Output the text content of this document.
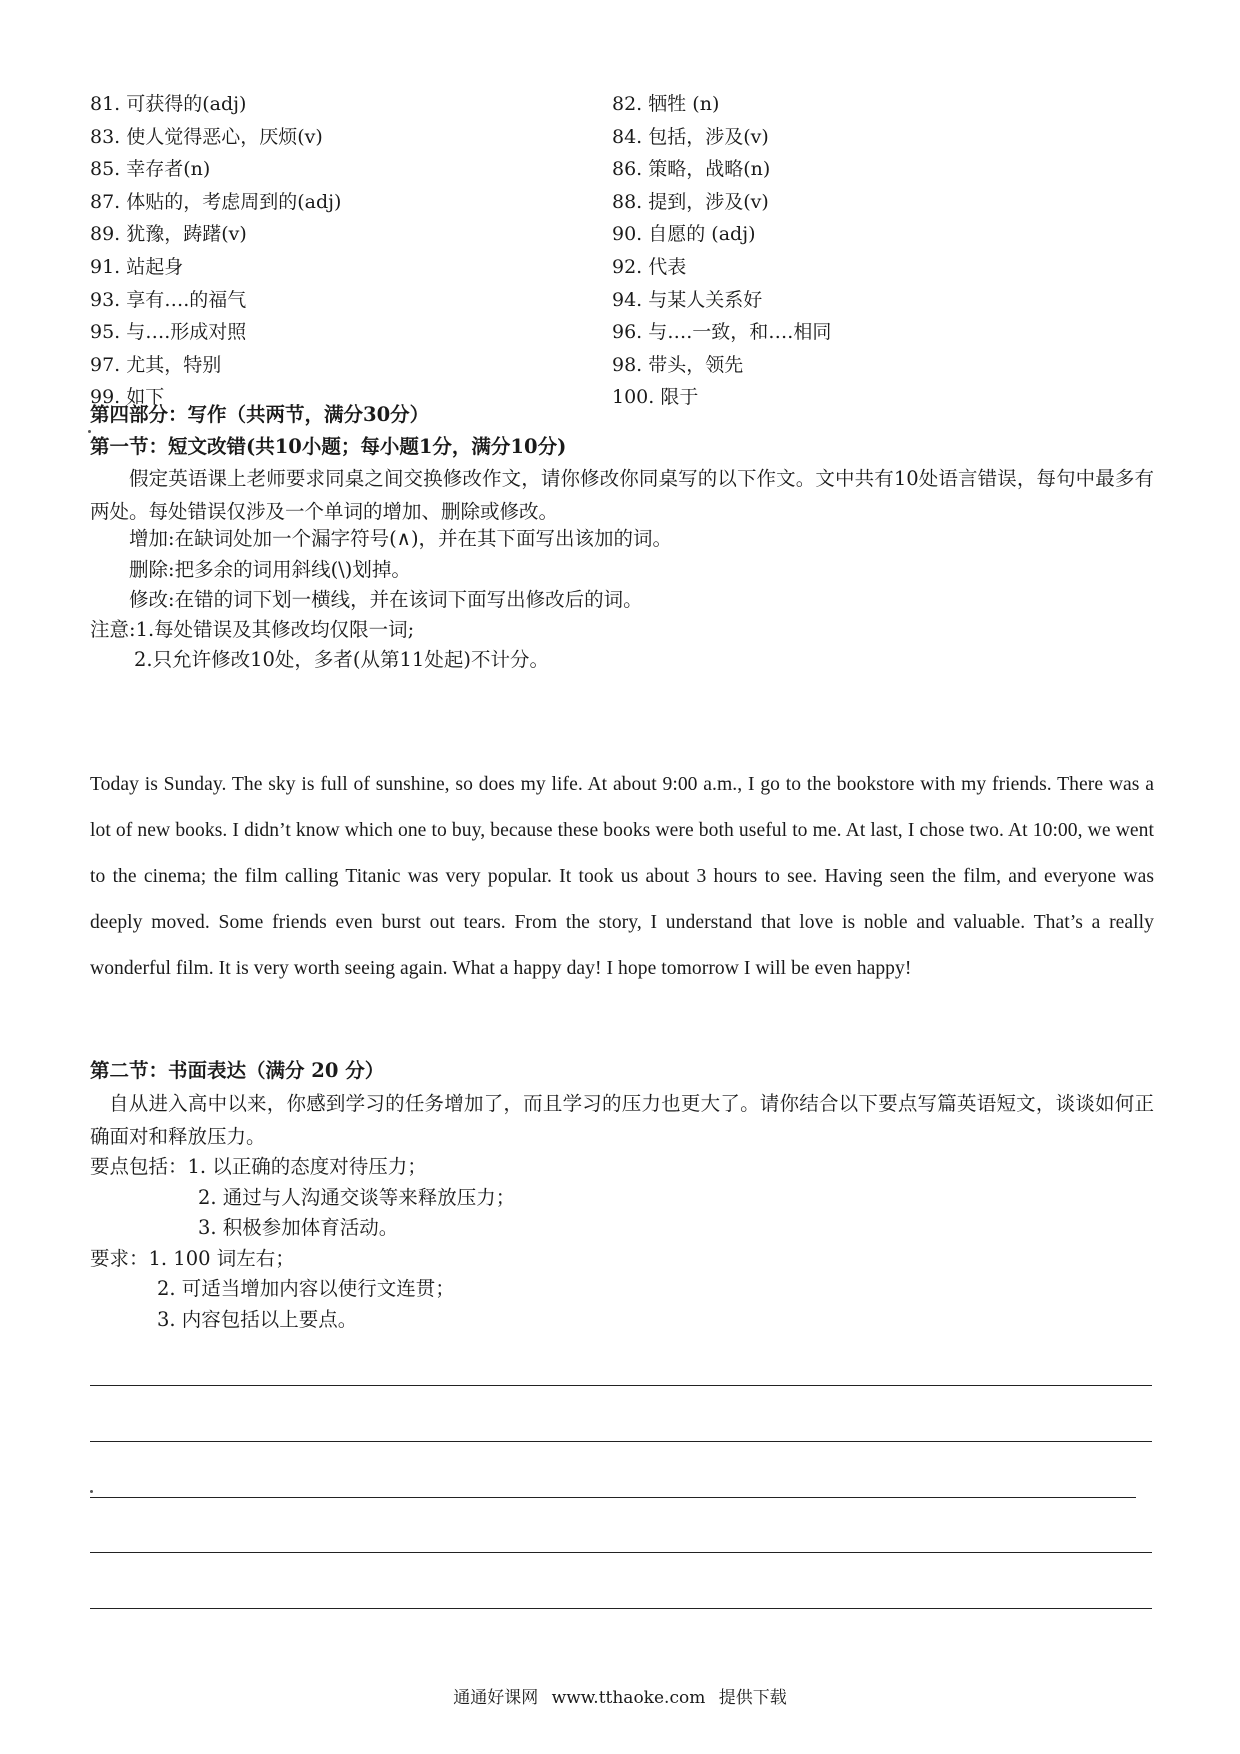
81. 可获得的(adj)	82. 牺牲 (n)
83. 使人觉得恶心，厌烦(v)	84. 包括，涉及(v)
85. 幸存者(n)	86. 策略，战略(n)
87. 体贴的，考虑周到的(adj)	88. 提到，涉及(v)
89. 犹豫，踌躇(v)	90. 自愿的 (adj)
91. 站起身	92. 代表
93. 享有….的福气	94. 与某人关系好
95. 与….形成对照	96. 与….一致，和….相同
97. 尤其，特别	98. 带头，领先
99. 如下	100. 限于
第四部分：写作（共两节，满分30分）
第一节：短文改错(共10小题；每小题1分，满分10分)
假定英语课上老师要求同桌之间交换修改作文，请你修改你同桌写的以下作文。文中共有10处语言错误，每句中最多有两处。每处错误仅涉及一个单词的增加、删除或修改。
增加:在缺词处加一个漏字符号(∧)，并在其下面写出该加的词。
删除:把多余的词用斜线(\)划掉。
修改:在错的词下划一横线，并在该词下面写出修改后的词。
注意:1.每处错误及其修改均仅限一词;
2.只允许修改10处，多者(从第11处起)不计分。
Today is Sunday. The sky is full of sunshine, so does my life. At about 9:00 a.m., I go to the bookstore with my friends. There was a lot of new books. I didn’t know which one to buy, because these books were both useful to me. At last, I chose two. At 10:00, we went to the cinema; the film calling Titanic was very popular. It took us about 3 hours to see. Having seen the film, and everyone was deeply moved. Some friends even burst out tears. From the story, I understand that love is noble and valuable. That’s a really wonderful film. It is very worth seeing again. What a happy day! I hope tomorrow I will be even happy!
第二节：书面表达（满分 20 分）
自从进入高中以来，你感到学习的任务增加了，而且学习的压力也更大了。请你结合以下要点写篇英语短文，谈谈如何正确面对和释放压力。
要点包括：1. 以正确的态度对待压力；
2. 通过与人沟通交谈等来释放压力；
3. 积极参加体育活动。
要求：1. 100 词左右；
2. 可适当增加内容以使行文连贯；
3. 内容包括以上要点。
通通好课网 www.tthaoke.com 提供下载
